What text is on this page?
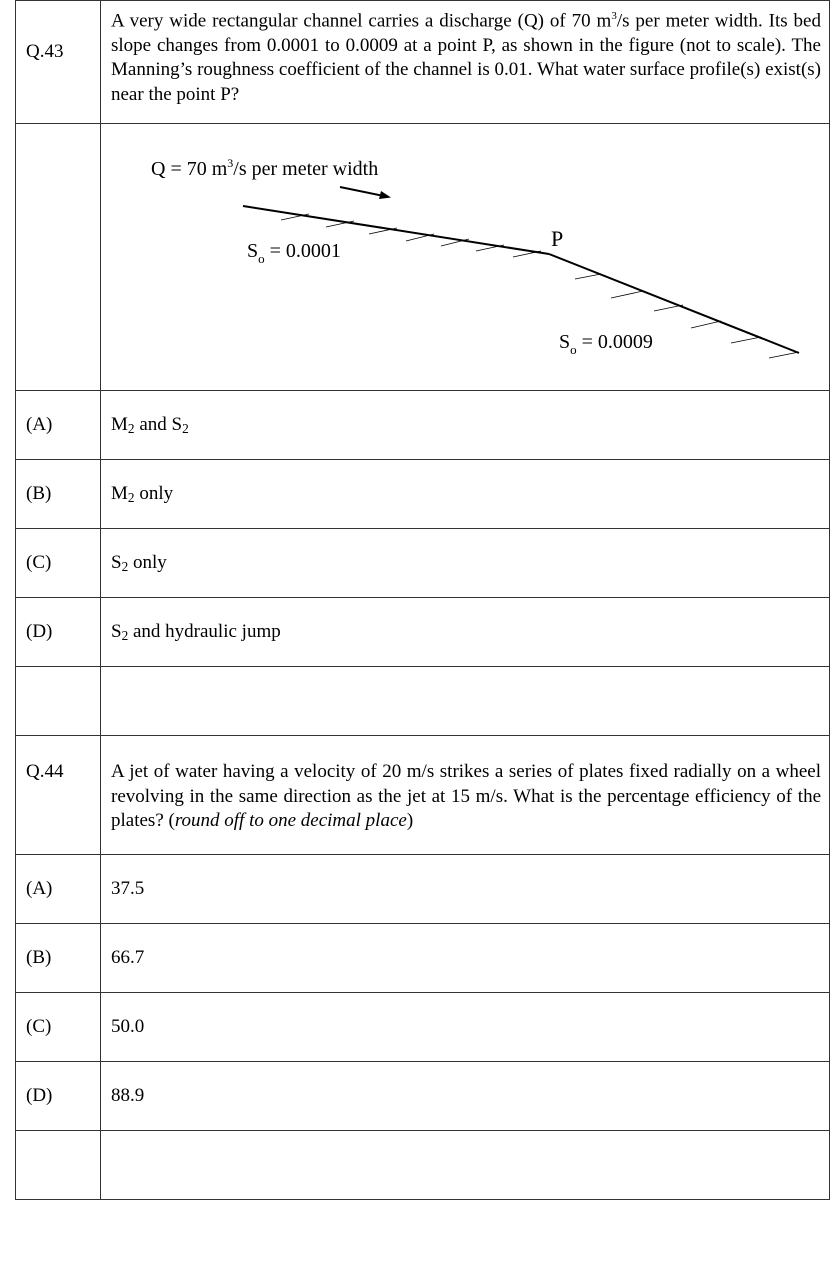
Q.43	A very wide rectangular channel carries a discharge (Q) of 70 $m^3/s$ per meter width. Its bed slope changes from 0.0001 to 0.0009 at a point P, as shown in the figure (not to scale). The Manning’s roughness coefficient of the channel is 0.01. What water surface profile(s) exist(s) near the point P?

Q = 70 $m^3/s$ per meter width
P
$S_o = 0.0001$
$S_o = 0.0009$

(A)	$M_2$ and $S_2$
(B)	$M_2$ only
(C)	$S_2$ only
(D)	$S_2$ and hydraulic jump

Q.44	A jet of water having a velocity of 20 m/s strikes a series of plates fixed radially on a wheel revolving in the same direction as the jet at 15 m/s. What is the percentage efficiency of the plates? (round off to one decimal place)

(A)	37.5
(B)	66.7
(C)	50.0
(D)	88.9
